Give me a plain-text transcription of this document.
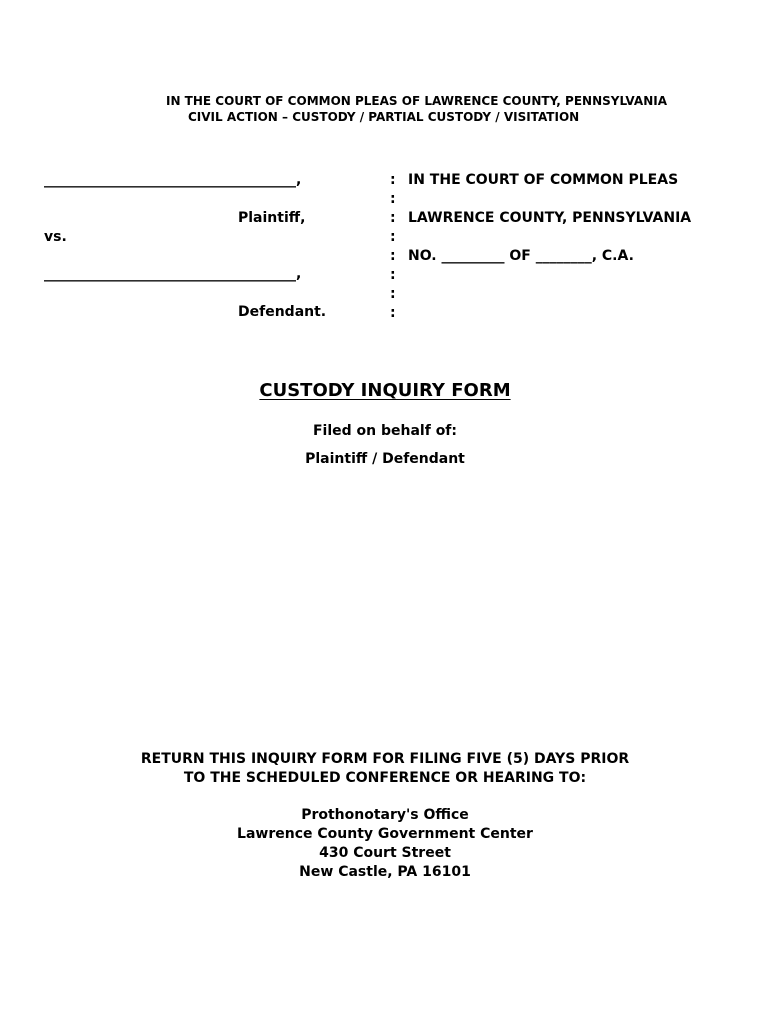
IN THE COURT OF COMMON PLEAS OF LAWRENCE COUNTY, PENNSYLVANIA
CIVIL ACTION – CUSTODY / PARTIAL CUSTODY / VISITATION
____________________________________,
Plaintiff,
vs.
____________________________________,
Defendant.
:
:
:
:
:
:
:
:
IN THE COURT OF COMMON PLEAS
LAWRENCE COUNTY, PENNSYLVANIA
NO. _________ OF ________, C.A.
CUSTODY INQUIRY FORM
Filed on behalf of:
Plaintiff / Defendant
RETURN THIS INQUIRY FORM FOR FILING FIVE (5) DAYS PRIOR
TO THE SCHEDULED CONFERENCE OR HEARING TO:
Prothonotary's Office
Lawrence County Government Center
430 Court Street
New Castle, PA 16101
